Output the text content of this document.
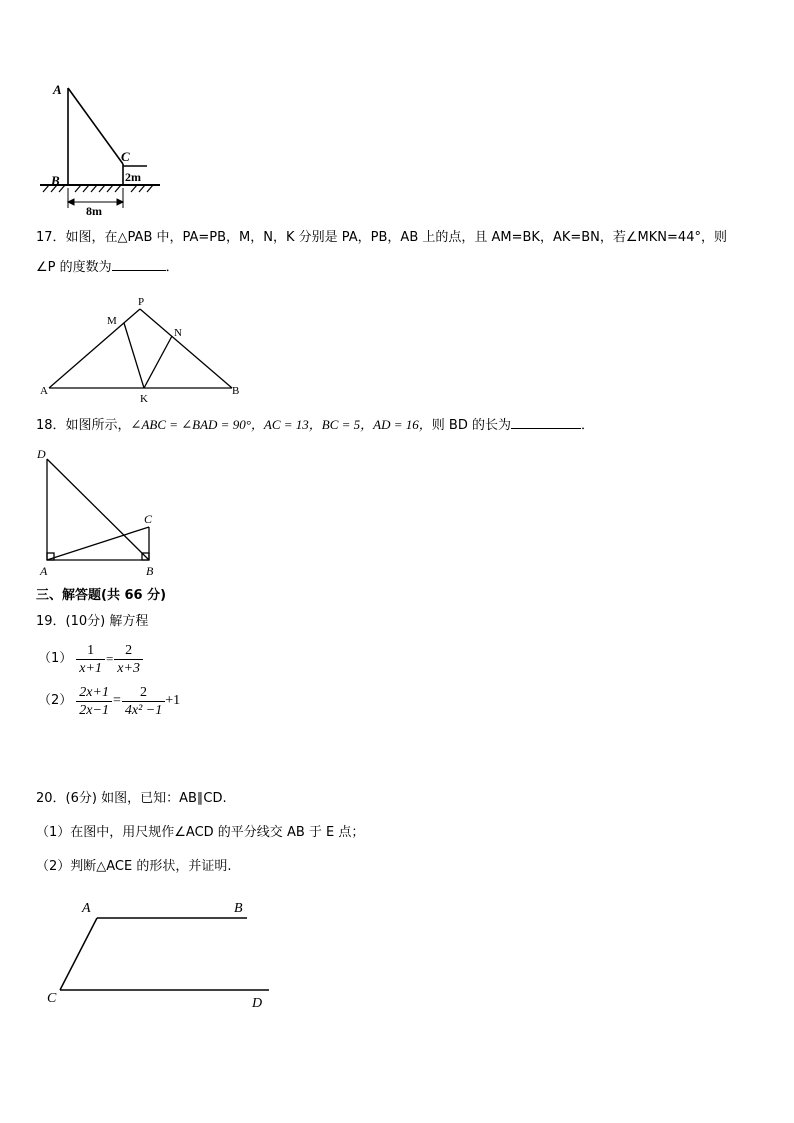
A
B
C
2m
8m
17．如图，在△PAB 中，PA=PB，M，N，K 分别是 PA，PB，AB 上的点，且 AM=BK，AK=BN，若∠MKN=44°，则
∠P 的度数为	．
P
M
N
A
K
B
18．如图所示，∠ABC = ∠BAD = 90°，AC = 13，BC = 5，AD = 16，则 BD 的长为	．
D
C
A	B
三、解答题(共 66 分)
19．(10分) 解方程
$(1) \frac{1}{x+1} = \frac{2}{x+3}$
$(2) \frac{2x+1}{2x-1} = \frac{2}{\text{4x² −1}} +1$
20．(6分) 如图，已知：AB∥CD.
（1）在图中，用尺规作∠ACD 的平分线交 AB 于 E 点；
（2）判断△ACE 的形状，并证明.
A	B
C	D
